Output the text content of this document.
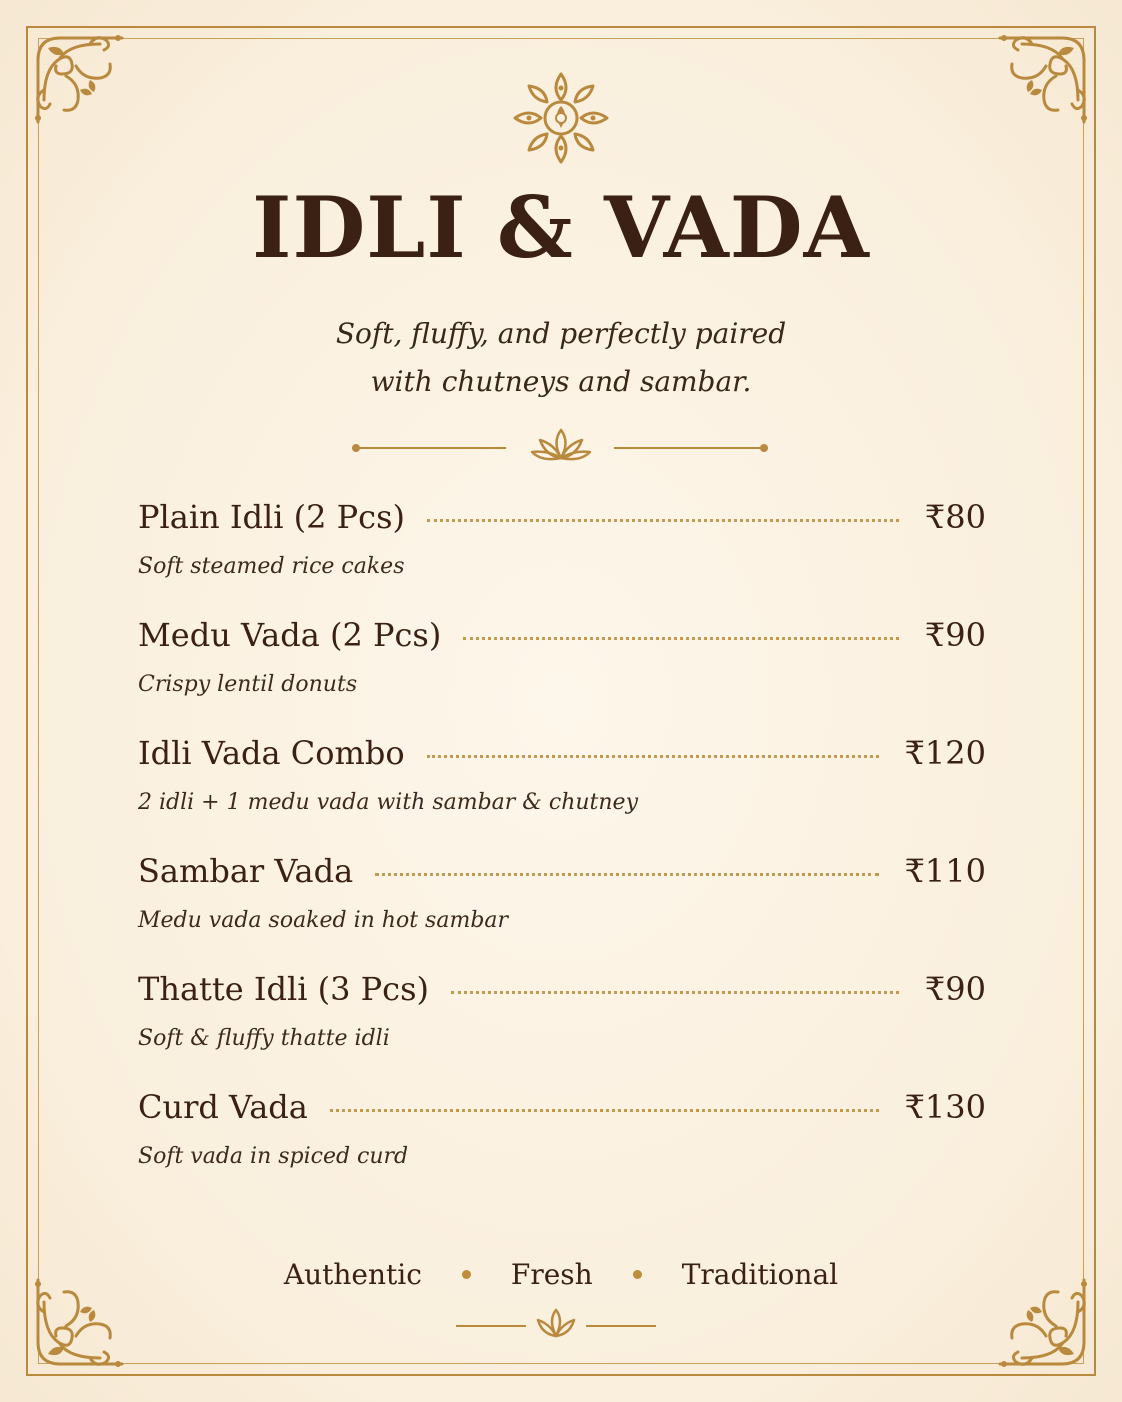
IDLI & VADA
Soft, fluffy, and perfectly paired
with chutneys and sambar.
Plain Idli (2 Pcs)	₹80
Soft steamed rice cakes
Medu Vada (2 Pcs)	₹90
Crispy lentil donuts
Idli Vada Combo	₹120
2 idli + 1 medu vada with sambar & chutney
Sambar Vada	₹110
Medu vada soaked in hot sambar
Thatte Idli (3 Pcs)	₹90
Soft & fluffy thatte idli
Curd Vada	₹130
Soft vada in spiced curd
Authentic	Fresh	Traditional
